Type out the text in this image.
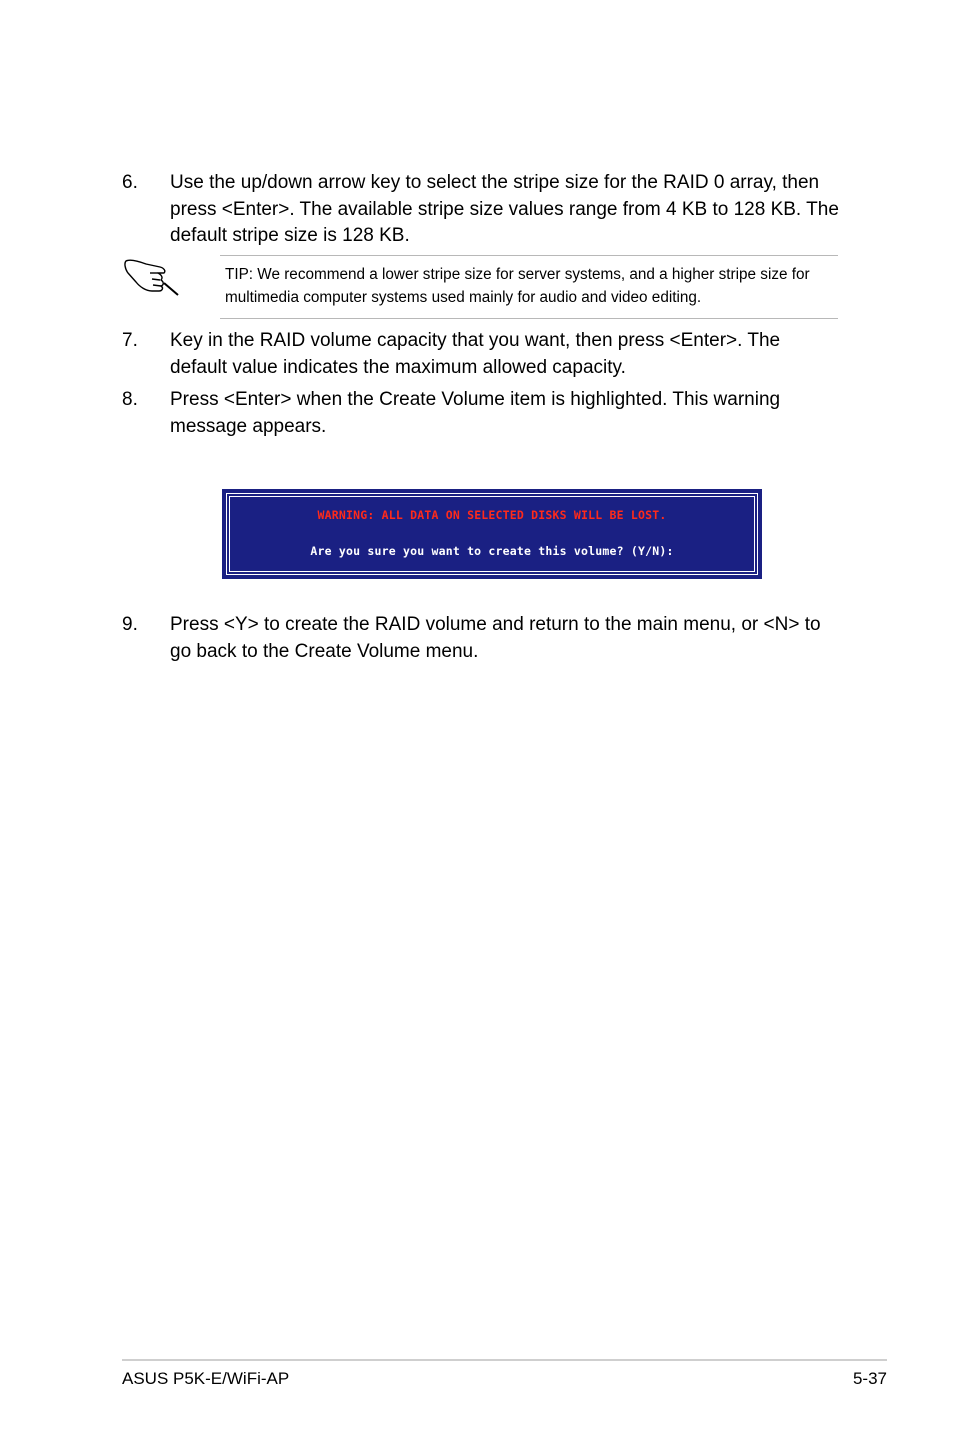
6. Use the up/down arrow key to select the stripe size for the RAID 0 array, then press <Enter>. The available stripe size values range from 4 KB to 128 KB. The default stripe size is 128 KB.
TIP: We recommend a lower stripe size for server systems, and a higher stripe size for multimedia computer systems used mainly for audio and video editing.
7. Key in the RAID volume capacity that you want, then press <Enter>. The default value indicates the maximum allowed capacity.
8. Press <Enter> when the Create Volume item is highlighted. This warning message appears.
WARNING: ALL DATA ON SELECTED DISKS WILL BE LOST.
Are you sure you want to create this volume? (Y/N):
9. Press <Y> to create the RAID volume and return to the main menu, or <N> to go back to the Create Volume menu.
ASUS P5K-E/WiFi-AP	5-37
